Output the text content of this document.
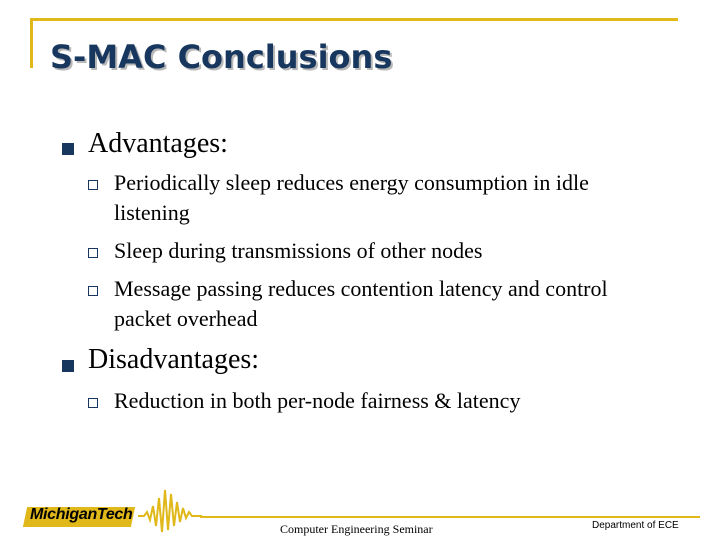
S-MAC Conclusions
Advantages:
Periodically sleep reduces energy consumption in idle listening
Sleep during transmissions of other nodes
Message passing reduces contention latency and control packet overhead
Disadvantages:
Reduction in both per-node fairness & latency
MichiganTech
Computer Engineering Seminar	Department of ECE
